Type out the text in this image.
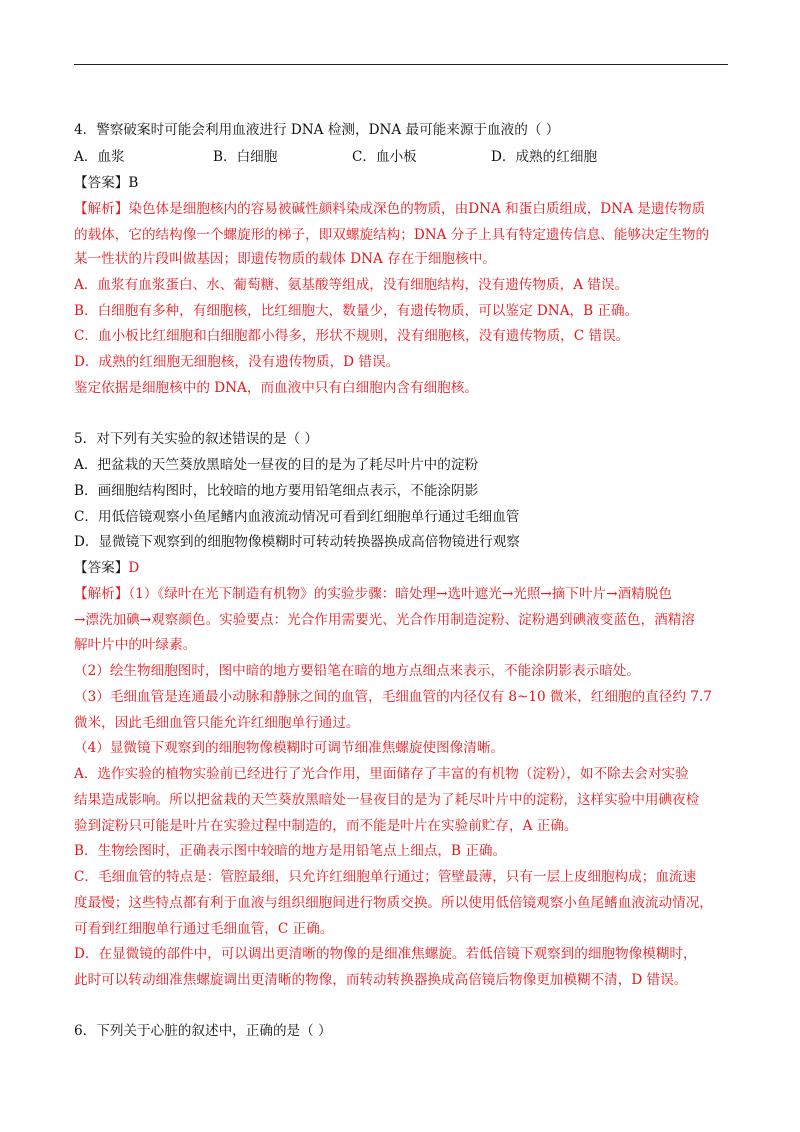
4．警察破案时可能会利用血液进行 DNA 检测，DNA 最可能来源于血液的（ ）
A．血浆	B．白细胞	C．血小板	D．成熟的红细胞
【答案】B
【解析】染色体是细胞核内的容易被碱性颜料染成深色的物质，由DNA 和蛋白质组成，DNA 是遗传物质
的载体，它的结构像一个螺旋形的梯子，即双螺旋结构；DNA 分子上具有特定遗传信息、能够决定生物的
某一性状的片段叫做基因；即遗传物质的载体 DNA 存在于细胞核中。
A．血浆有血浆蛋白、水、葡萄糖、氨基酸等组成，没有细胞结构，没有遗传物质，A 错误。
B．白细胞有多种，有细胞核，比红细胞大，数量少，有遗传物质，可以鉴定 DNA，B 正确。
C．血小板比红细胞和白细胞都小得多，形状不规则，没有细胞核，没有遗传物质，C 错误。
D．成熟的红细胞无细胞核，没有遗传物质，D 错误。
鉴定依据是细胞核中的 DNA，而血液中只有白细胞内含有细胞核。
5．对下列有关实验的叙述错误的是（ ）
A．把盆栽的天竺葵放黑暗处一昼夜的目的是为了耗尽叶片中的淀粉
B．画细胞结构图时，比较暗的地方要用铅笔细点表示，不能涂阴影
C．用低倍镜观察小鱼尾鳍内血液流动情况可看到红细胞单行通过毛细血管
D．显微镜下观察到的细胞物像模糊时可转动转换器换成高倍物镜进行观察
【答案】D
【解析】（1）《绿叶在光下制造有机物》的实验步骤：暗处理→选叶遮光→光照→摘下叶片→酒精脱色
→漂洗加碘→观察颜色。实验要点：光合作用需要光、光合作用制造淀粉、淀粉遇到碘液变蓝色，酒精溶
解叶片中的叶绿素。
（2）绘生物细胞图时，图中暗的地方要铅笔在暗的地方点细点来表示，不能涂阴影表示暗处。
（3）毛细血管是连通最小动脉和静脉之间的血管，毛细血管的内径仅有 8~10 微米，红细胞的直径约 7.7
微米，因此毛细血管只能允许红细胞单行通过。
（4）显微镜下观察到的细胞物像模糊时可调节细准焦螺旋使图像清晰。
A．选作实验的植物实验前已经进行了光合作用，里面储存了丰富的有机物（淀粉），如不除去会对实验
结果造成影响。所以把盆栽的天竺葵放黑暗处一昼夜目的是为了耗尽叶片中的淀粉，这样实验中用碘夜检
验到淀粉只可能是叶片在实验过程中制造的，而不能是叶片在实验前贮存，A 正确。
B．生物绘图时，正确表示图中较暗的地方是用铅笔点上细点，B 正确。
C．毛细血管的特点是：管腔最细，只允许红细胞单行通过；管壁最薄，只有一层上皮细胞构成；血流速
度最慢；这些特点都有利于血液与组织细胞间进行物质交换。所以使用低倍镜观察小鱼尾鳍血液流动情况，
可看到红细胞单行通过毛细血管，C 正确。
D．在显微镜的部件中，可以调出更清晰的物像的是细准焦螺旋。若低倍镜下观察到的细胞物像模糊时，
此时可以转动细准焦螺旋调出更清晰的物像，而转动转换器换成高倍镜后物像更加模糊不清，D 错误。
6．下列关于心脏的叙述中，正确的是（ ）
